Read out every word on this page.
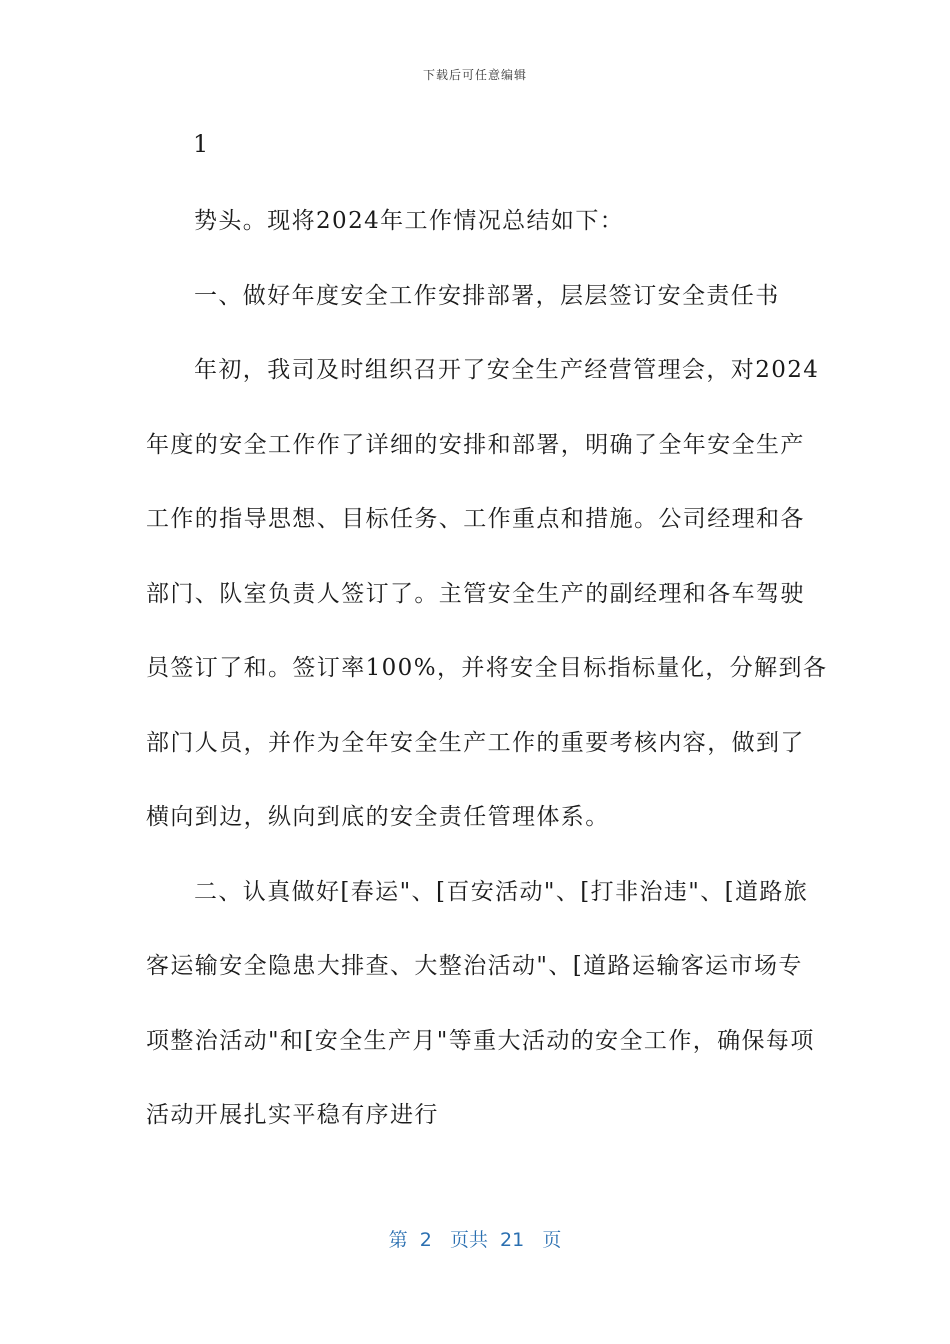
下载后可任意编辑
1
势头。现将2024年工作情况总结如下：
一、做好年度安全工作安排部署，层层签订安全责任书
年初，我司及时组织召开了安全生产经营管理会，对2024
年度的安全工作作了详细的安排和部署，明确了全年安全生产
工作的指导思想、目标任务、工作重点和措施。公司经理和各
部门、队室负责人签订了。主管安全生产的副经理和各车驾驶
员签订了和。签订率100%，并将安全目标指标量化，分解到各
部门人员，并作为全年安全生产工作的重要考核内容，做到了
横向到边，纵向到底的安全责任管理体系。
二、认真做好[春运"、[百安活动"、[打非治违"、[道路旅
客运输安全隐患大排查、大整治活动"、[道路运输客运市场专
项整治活动"和[安全生产月"等重大活动的安全工作，确保每项
活动开展扎实平稳有序进行
第  2   页共  21   页
